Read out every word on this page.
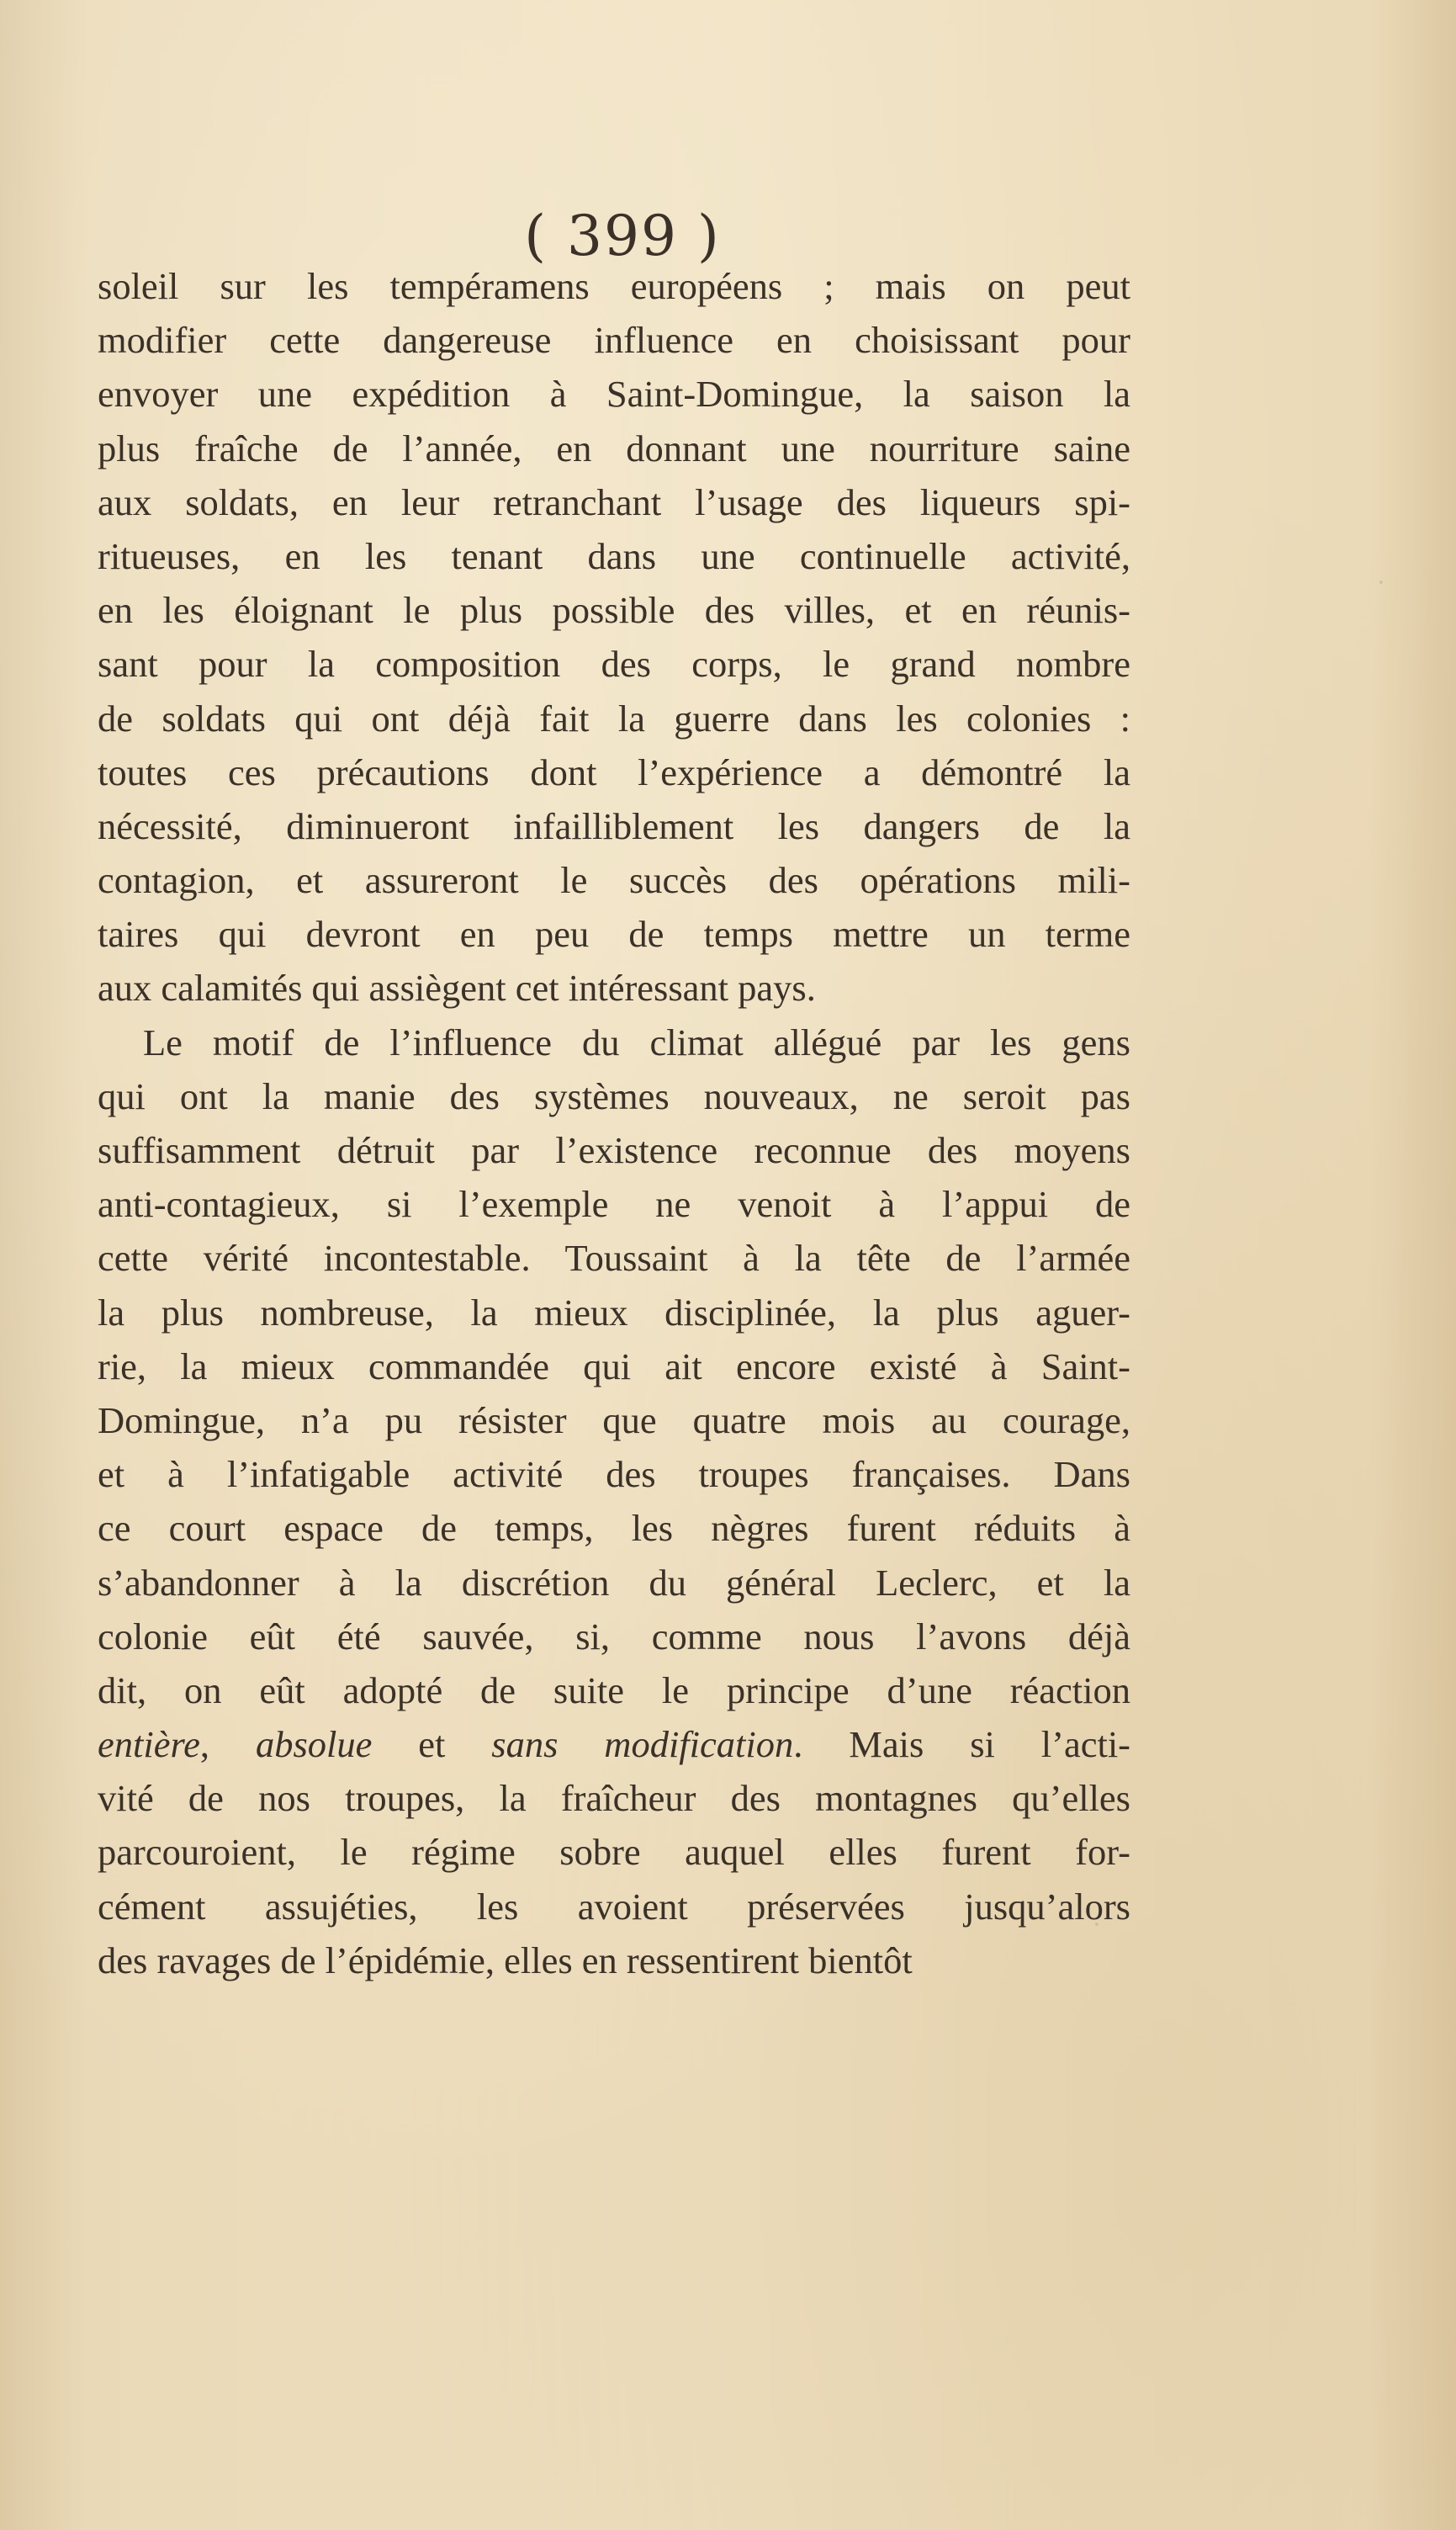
( 399 )
soleil sur les tempéramens européens ; mais on peut
modifier cette dangereuse influence en choisissant pour
envoyer une expédition à Saint-Domingue, la saison la
plus fraîche de l’année, en donnant une nourriture saine
aux soldats, en leur retranchant l’usage des liqueurs spi-
ritueuses, en les tenant dans une continuelle activité,
en les éloignant le plus possible des villes, et en réunis-
sant pour la composition des corps, le grand nombre
de soldats qui ont déjà fait la guerre dans les colonies :
toutes ces précautions dont l’expérience a démontré la
nécessité, diminueront infailliblement les dangers de la
contagion, et assureront le succès des opérations mili-
taires qui devront en peu de temps mettre un terme
aux calamités qui assiègent cet intéressant pays.
Le motif de l’influence du climat allégué par les gens
qui ont la manie des systèmes nouveaux, ne seroit pas
suffisamment détruit par l’existence reconnue des moyens
anti-contagieux, si l’exemple ne venoit à l’appui de
cette vérité incontestable. Toussaint à la tête de l’armée
la plus nombreuse, la mieux disciplinée, la plus aguer-
rie, la mieux commandée qui ait encore existé à Saint-
Domingue, n’a pu résister que quatre mois au courage,
et à l’infatigable activité des troupes françaises. Dans
ce court espace de temps, les nègres furent réduits à
s’abandonner à la discrétion du général Leclerc, et la
colonie eût été sauvée, si, comme nous l’avons déjà
dit, on eût adopté de suite le principe d’une réaction
entière, absolue et sans modification. Mais si l’acti-
vité de nos troupes, la fraîcheur des montagnes qu’elles
parcouroient, le régime sobre auquel elles furent for-
cément assujéties, les avoient préservées jusqu’alors
des ravages de l’épidémie, elles en ressentirent bientôt
